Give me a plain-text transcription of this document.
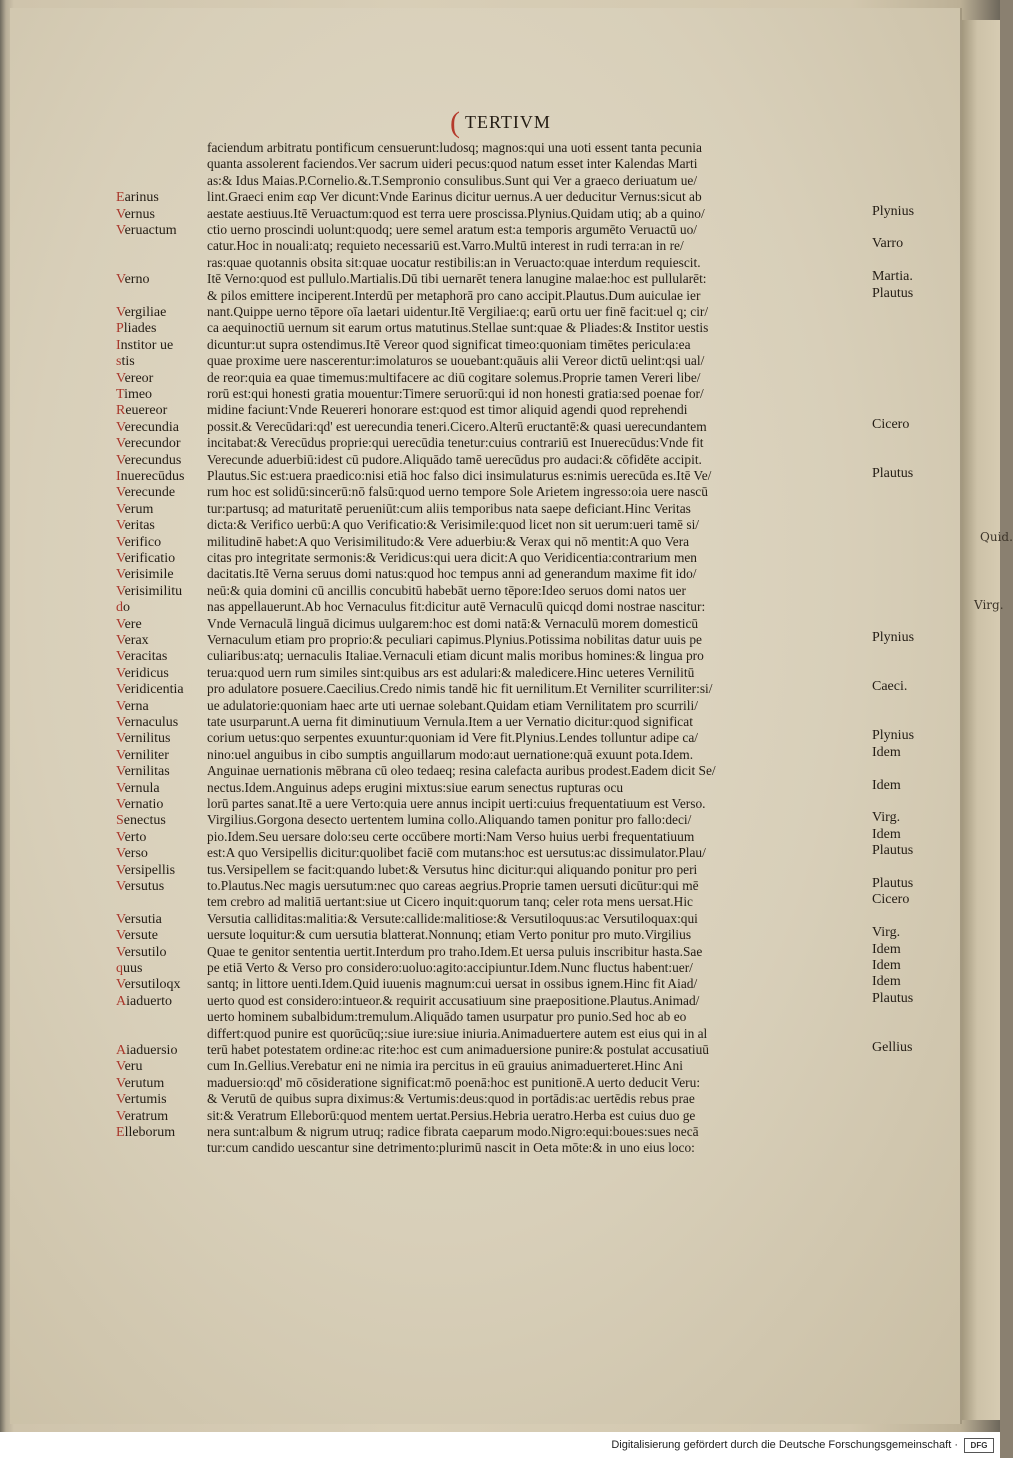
( TERTIVM
faciendum arbitratu pontificum censuerunt:ludosq; magnos:qui una uoti essent tanta pecunia
quanta assolerent faciendos.Ver sacrum uideri pecus:quod natum esset inter Kalendas Marti
as:& Idus Maias.P.Cornelio.&.T.Sempronio consulibus.Sunt qui Ver a graeco deriuatum ue/
lint.Graeci enim εαρ Ver dicunt:Vnde Earinus dicitur uernus.A uer deducitur Vernus:sicut ab
aestate aestiuus.Itē Veruactum:quod est terra uere proscissa.Plynius.Quidam utiq; ab a quino/
ctio uerno proscindi uolunt:quodq; uere semel aratum est:a temporis argumēto Veruactū uo/
catur.Hoc in nouali:atq; requieto necessariū est.Varro.Multū interest in rudi terra:an in re/
ras:quae quotannis obsita sit:quae uocatur restibilis:an in Veruacto:quae interdum requiescit.
Itē Verno:quod est pullulo.Martialis.Dū tibi uernarēt tenera lanugine malae:hoc est pullularēt:
& pilos emittere inciperent.Interdū per metaphorā pro cano accipit.Plautus.Dum auiculae ier
nant.Quippe uerno tēpore oīa laetari uidentur.Itē Vergiliae:q; earū ortu uer finē facit:uel q; cir/
ca aequinoctiū uernum sit earum ortus matutinus.Stellae sunt:quae & Pliades:& Institor uestis
dicuntur:ut supra ostendimus.Itē Vereor quod significat timeo:quoniam timētes pericula:ea
quae proxime uere nascerentur:imolaturos se uouebant:quāuis alii Vereor dictū uelint:qsi ual/
de reor:quia ea quae timemus:multifacere ac diū cogitare solemus.Proprie tamen Vereri libe/
rorū est:qui honesti gratia mouentur:Timere seruorū:qui id non honesti gratia:sed poenae for/
midine faciunt:Vnde Reuereri honorare est:quod est timor aliquid agendi quod reprehendi
possit.& Verecūdari:qd' est uerecundia teneri.Cicero.Alterū eructantē:& quasi uerecundantem
incitabat:& Verecūdus proprie:qui uerecūdia tenetur:cuius contrariū est Inuerecūdus:Vnde fit
Verecunde aduerbiū:idest cū pudore.Aliquādo tamē uerecūdus pro audaci:& cōfidēte accipit.
Plautus.Sic est:uera praedico:nisi etiā hoc falso dici insimulaturus es:nimis uerecūda es.Itē Ve/
rum hoc est solidū:sincerū:nō falsū:quod uerno tempore Sole Arietem ingresso:oia uere nascū
tur:partusq; ad maturitatē perueniūt:cum aliis temporibus nata saepe deficiant.Hinc Veritas
dicta:& Verifico uerbū:A quo Verificatio:& Verisimile:quod licet non sit uerum:ueri tamē si/
militudinē habet:A quo Verisimilitudo:& Vere aduerbiu:& Verax qui nō mentit:A quo Vera
citas pro integritate sermonis:& Veridicus:qui uera dicit:A quo Veridicentia:contrarium men
dacitatis.Itē Verna seruus domi natus:quod hoc tempus anni ad generandum maxime fit ido/
neū:& quia domini cū ancillis concubitū habebāt uerno tēpore:Ideo seruos domi natos uer
nas appellauerunt.Ab hoc Vernaculus fit:dicitur autē Vernaculū quicqd domi nostrae nascitur:
Vnde Vernaculā linguā dicimus uulgarem:hoc est domi natā:& Vernaculū morem domesticū
Vernaculum etiam pro proprio:& peculiari capimus.Plynius.Potissima nobilitas datur uuis pe
culiaribus:atq; uernaculis Italiae.Vernaculi etiam dicunt malis moribus homines:& lingua pro
terua:quod uern rum similes sint:quibus ars est adulari:& maledicere.Hinc ueteres Vernilitū
pro adulatore posuere.Caecilius.Credo nimis tandē hic fit uernilitum.Et Verniliter scurriliter:si/
ue adulatorie:quoniam haec arte uti uernae solebant.Quidam etiam Vernilitatem pro scurrili/
tate usurparunt.A uerna fit diminutiuum Vernula.Item a uer Vernatio dicitur:quod significat
corium uetus:quo serpentes exuuntur:quoniam id Vere fit.Plynius.Lendes tolluntur adipe ca/
nino:uel anguibus in cibo sumptis anguillarum modo:aut uernatione:quā exuunt pota.Idem.
Anguinae uernationis mēbrana cū oleo tedaeq; resina calefacta auribus prodest.Eadem dicit Se/
nectus.Idem.Anguinus adeps erugini mixtus:siue earum senectus rupturas ocu
lorū partes sanat.Itē a uere Verto:quia uere annus incipit uerti:cuius frequentatiuum est Verso.
Virgilius.Gorgona desecto uertentem lumina collo.Aliquando tamen ponitur pro fallo:deci/
pio.Idem.Seu uersare dolo:seu certe occūbere morti:Nam Verso huius uerbi frequentatiuum
est:A quo Versipellis dicitur:quolibet faciē com mutans:hoc est uersutus:ac dissimulator.Plau/
tus.Versipellem se facit:quando lubet:& Versutus hinc dicitur:qui aliquando ponitur pro peri
to.Plautus.Nec magis uersutum:nec quo careas aegrius.Proprie tamen uersuti dicūtur:qui mē
tem crebro ad malitiā uertant:siue ut Cicero inquit:quorum tanq; celer rota mens uersat.Hic
Versutia calliditas:malitia:& Versute:callide:malitiose:& Versutiloquus:ac Versutiloquax:qui
uersute loquitur:& cum uersutia blatterat.Nonnunq; etiam Verto ponitur pro muto.Virgilius
Quae te genitor sententia uertit.Interdum pro traho.Idem.Et uersa puluis inscribitur hasta.Sae
pe etiā Verto & Verso pro considero:uoluo:agito:accipiuntur.Idem.Nunc fluctus habent:uer/
santq; in littore uenti.Idem.Quid iuuenis magnum:cui uersat in ossibus ignem.Hinc fit Aiad/
uerto quod est considero:intueor.& requirit accusatiuum sine praepositione.Plautus.Animad/
uerto hominem subalbidum:tremulum.Aliquādo tamen usurpatur pro punio.Sed hoc ab eo
differt:quod punire est quorūcūq;:siue iure:siue iniuria.Animaduertere autem est eius qui in al
terū habet potestatem ordine:ac rite:hoc est cum animaduersione punire:& postulat accusatiuū
cum In.Gellius.Verebatur eni ne nimia ira percitus in eū grauius animaduerteret.Hinc Ani
maduersio:qd' mō cōsideratione significat:mō poenā:hoc est punitionē.A uerto deducit Veru:
& Verutū de quibus supra diximus:& Vertumis:deus:quod in portādis:ac uertēdis rebus prae
sit:& Veratrum Elleborū:quod mentem uertat.Persius.Hebria ueratro.Herba est cuius duo ge
nera sunt:album & nigrum utruq; radice fibrata caeparum modo.Nigro:equi:boues:sues necā
tur:cum candido uescantur sine detrimento:plurimū nascit in Oeta mōte:& in uno eius loco:
Earinus
Vernus
Veruactum
Verno
Vergiliae
Pliades
Institor ue
stis
Vereor
Timeo
Reuereor
Verecundia
Verecundor
Verecundus
Inuerecūdus
Verecunde
Verum
Veritas
Verifico
Verificatio
Verisimile
Verisimilitu
do
Vere
Verax
Veracitas
Veridicus
Veridicentia
Verna
Vernaculus
Vernilitus
Verniliter
Vernilitas
Vernula
Vernatio
Senectus
Verto
Verso
Versipellis
Versutus
Versutia
Versute
Versutilo
quus
Versutiloqx
Aiaduerto
Aiaduersio
Veru
Verutum
Vertumis
Veratrum
Elleborum
Plynius
Varro
Martia.
Plautus
Cicero
Plautus
Plynius
Caeci.
Plynius
Idem
Idem
Virg.
Idem
Plautus
Plautus
Cicero
Virg.
Idem
Idem
Idem
Plautus
Gellius
Quid.
Virg.
Digitalisierung gefördert durch die Deutsche Forschungsgemeinschaft ·	DFG
